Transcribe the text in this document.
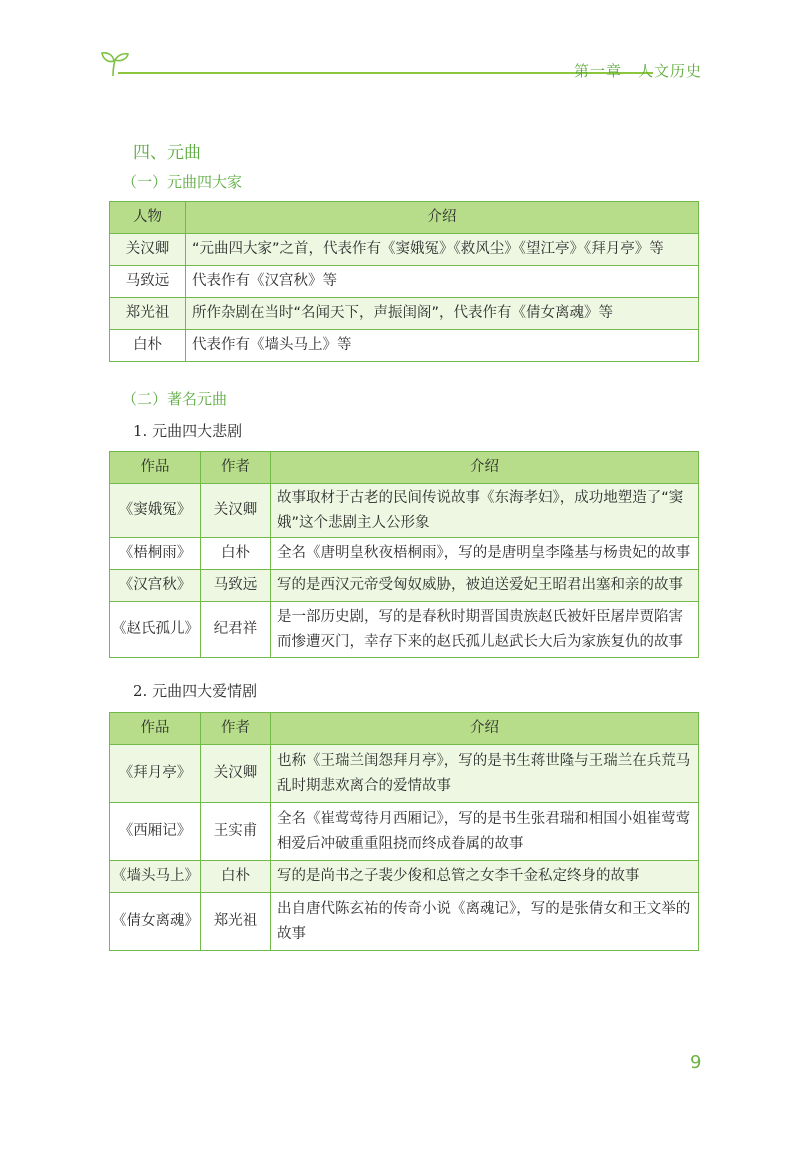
第一章　人文历史
四、元曲
（一）元曲四大家
人物	介绍
关汉卿	“元曲四大家”之首，代表作有《窦娥冤》《救风尘》《望江亭》《拜月亭》等
马致远	代表作有《汉宫秋》等
郑光祖	所作杂剧在当时“名闻天下，声振闺阁”，代表作有《倩女离魂》等
白朴	代表作有《墙头马上》等
（二）著名元曲
1. 元曲四大悲剧
作品	作者	介绍
《窦娥冤》	关汉卿	故事取材于古老的民间传说故事《东海孝妇》，成功地塑造了“窦娥”这个悲剧主人公形象
《梧桐雨》	白朴	全名《唐明皇秋夜梧桐雨》，写的是唐明皇李隆基与杨贵妃的故事
《汉宫秋》	马致远	写的是西汉元帝受匈奴威胁，被迫送爱妃王昭君出塞和亲的故事
《赵氏孤儿》	纪君祥	是一部历史剧，写的是春秋时期晋国贵族赵氏被奸臣屠岸贾陷害而惨遭灭门，幸存下来的赵氏孤儿赵武长大后为家族复仇的故事
2. 元曲四大爱情剧
作品	作者	介绍
《拜月亭》	关汉卿	也称《王瑞兰闺怨拜月亭》，写的是书生蒋世隆与王瑞兰在兵荒马乱时期悲欢离合的爱情故事
《西厢记》	王实甫	全名《崔莺莺待月西厢记》，写的是书生张君瑞和相国小姐崔莺莺相爱后冲破重重阻挠而终成眷属的故事
《墙头马上》	白朴	写的是尚书之子裴少俊和总管之女李千金私定终身的故事
《倩女离魂》	郑光祖	出自唐代陈玄祐的传奇小说《离魂记》，写的是张倩女和王文举的故事
9
